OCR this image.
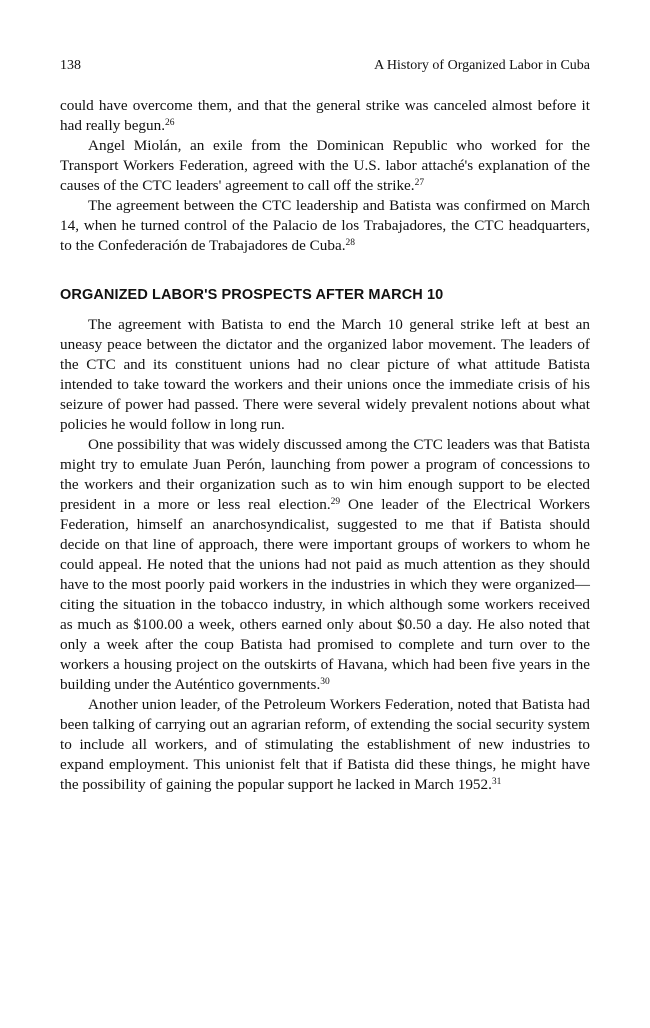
138	A History of Organized Labor in Cuba

could have overcome them, and that the general strike was canceled almost before it had really begun.$^{26}$

Angel Miolán, an exile from the Dominican Republic who worked for the Transport Workers Federation, agreed with the U.S. labor attaché's explanation of the causes of the CTC leaders' agreement to call off the strike.$^{27}$

The agreement between the CTC leadership and Batista was confirmed on March 14, when he turned control of the Palacio de los Trabajadores, the CTC headquarters, to the Confederación de Trabajadores de Cuba.$^{28}$

ORGANIZED LABOR'S PROSPECTS AFTER MARCH 10

The agreement with Batista to end the March 10 general strike left at best an uneasy peace between the dictator and the organized labor movement. The leaders of the CTC and its constituent unions had no clear picture of what attitude Batista intended to take toward the workers and their unions once the immediate crisis of his seizure of power had passed. There were several widely prevalent notions about what policies he would follow in long run.

One possibility that was widely discussed among the CTC leaders was that Batista might try to emulate Juan Perón, launching from power a program of concessions to the workers and their organization such as to win him enough support to be elected president in a more or less real election.$^{29}$ One leader of the Electrical Workers Federation, himself an anarchosyndicalist, suggested to me that if Batista should decide on that line of approach, there were important groups of workers to whom he could appeal. He noted that the unions had not paid as much attention as they should have to the most poorly paid workers in the industries in which they were organized—citing the situation in the tobacco industry, in which although some workers received as much as $100.00 a week, others earned only about $0.50 a day. He also noted that only a week after the coup Batista had promised to complete and turn over to the workers a housing project on the outskirts of Havana, which had been five years in the building under the Auténtico governments.$^{30}$

Another union leader, of the Petroleum Workers Federation, noted that Batista had been talking of carrying out an agrarian reform, of extending the social security system to include all workers, and of stimulating the establishment of new industries to expand employment. This unionist felt that if Batista did these things, he might have the possibility of gaining the popular support he lacked in March 1952.31
